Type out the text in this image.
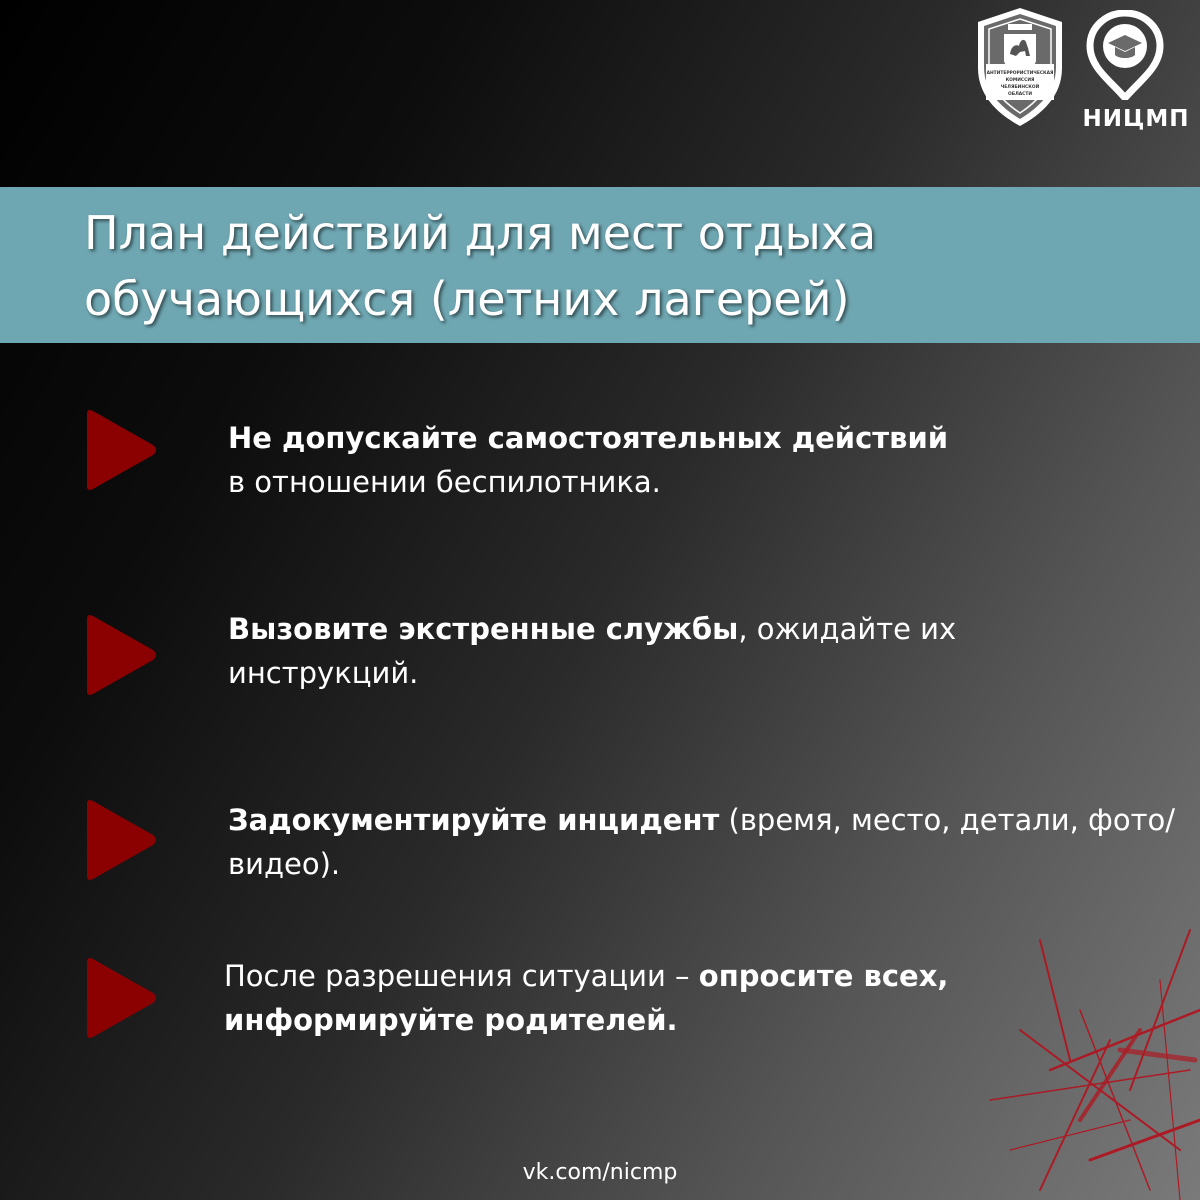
АНТИТЕРРОРИСТИЧЕСКАЯ
КОМИССИЯ
ЧЕЛЯБИНСКОЙ
ОБЛАСТИ
НИЦМП
План действий для мест отдыха
обучающихся (летних лагерей)

Не допускайте самостоятельных действий
в отношении беспилотника.

Вызовите экстренные службы, ожидайте их инструкций.

Задокументируйте инцидент (время, место, детали, фото/видео).

После разрешения ситуации – опросите всех, информируйте родителей.

vk.com/nicmp
